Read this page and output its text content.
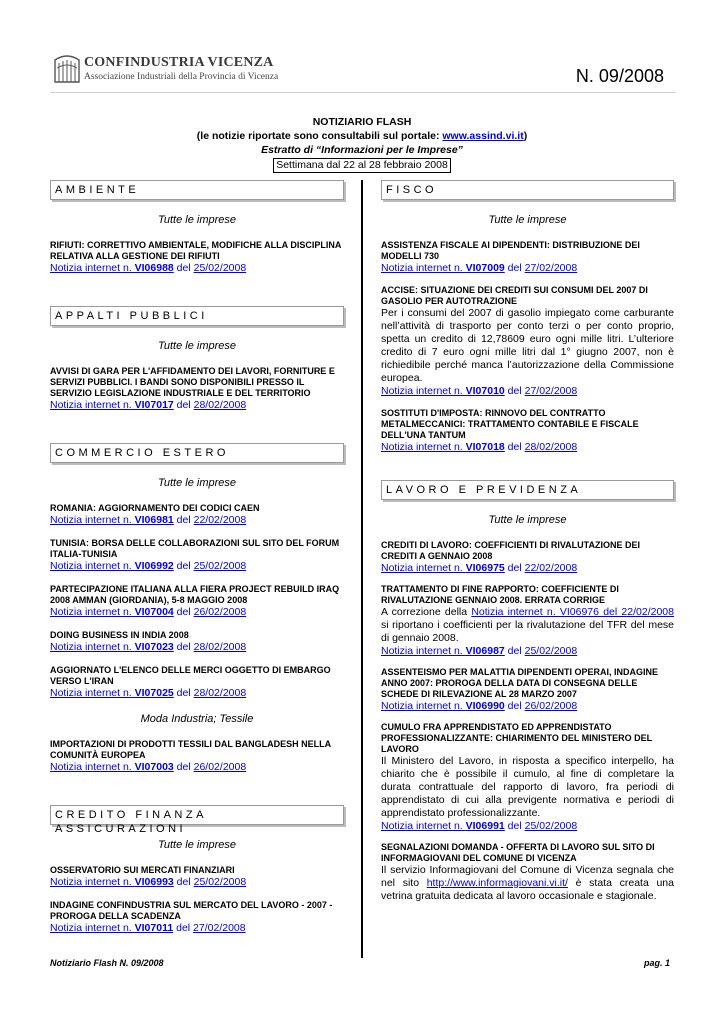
CONFINDUSTRIA VICENZA
Associazione Industriali della Provincia di Vicenza	N. 09/2008
NOTIZIARIO FLASH
(le notizie riportate sono consultabili sul portale: www.assind.vi.it)
Estratto di “Informazioni per le Imprese”
Settimana dal 22 al 28 febbraio 2008
AMBIENTE
Tutte le imprese
RIFIUTI: CORRETTIVO AMBIENTALE, MODIFICHE ALLA DISCIPLINA RELATIVA ALLA GESTIONE DEI RIFIUTI
Notizia internet n. VI06988 del 25/02/2008
APPALTI PUBBLICI
Tutte le imprese
AVVISI DI GARA PER L'AFFIDAMENTO DEI LAVORI, FORNITURE E SERVIZI PUBBLICI. I BANDI SONO DISPONIBILI PRESSO IL SERVIZIO LEGISLAZIONE INDUSTRIALE E DEL TERRITORIO
Notizia internet n. VI07017 del 28/02/2008
COMMERCIO ESTERO
Tutte le imprese
ROMANIA: AGGIORNAMENTO DEI CODICI CAEN
Notizia internet n. VI06981 del 22/02/2008
TUNISIA: BORSA DELLE COLLABORAZIONI SUL SITO DEL FORUM ITALIA-TUNISIA
Notizia internet n. VI06992 del 25/02/2008
PARTECIPAZIONE ITALIANA ALLA FIERA PROJECT REBUILD IRAQ 2008 AMMAN (GIORDANIA), 5-8 MAGGIO 2008
Notizia internet n. VI07004 del 26/02/2008
DOING BUSINESS IN INDIA 2008
Notizia internet n. VI07023 del 28/02/2008
AGGIORNATO L'ELENCO DELLE MERCI OGGETTO DI EMBARGO VERSO L'IRAN
Notizia internet n. VI07025 del 28/02/2008
Moda Industria; Tessile
IMPORTAZIONI DI PRODOTTI TESSILI DAL BANGLADESH NELLA COMUNITÀ EUROPEA
Notizia internet n. VI07003 del 26/02/2008
CREDITO FINANZA ASSICURAZIONI
Tutte le imprese
OSSERVATORIO SUI MERCATI FINANZIARI
Notizia internet n. VI06993 del 25/02/2008
INDAGINE CONFINDUSTRIA SUL MERCATO DEL LAVORO - 2007 - PROROGA DELLA SCADENZA
Notizia internet n. VI07011 del 27/02/2008
FISCO
Tutte le imprese
ASSISTENZA FISCALE AI DIPENDENTI: DISTRIBUZIONE DEI MODELLI 730
Notizia internet n. VI07009 del 27/02/2008
ACCISE: SITUAZIONE DEI CREDITI SUI CONSUMI DEL 2007 DI GASOLIO PER AUTOTRAZIONE
Per i consumi del 2007 di gasolio impiegato come carburante nell’attività di trasporto per conto terzi o per conto proprio, spetta un credito di 12,78609 euro ogni mille litri. L’ulteriore credito di 7 euro ogni mille litri dal 1° giugno 2007, non è richiedibile perché manca l’autorizzazione della Commissione europea.
Notizia internet n. VI07010 del 27/02/2008
SOSTITUTI D'IMPOSTA: RINNOVO DEL CONTRATTO METALMECCANICI: TRATTAMENTO CONTABILE E FISCALE DELL'UNA TANTUM
Notizia internet n. VI07018 del 28/02/2008
LAVORO E PREVIDENZA
Tutte le imprese
CREDITI DI LAVORO: COEFFICIENTI DI RIVALUTAZIONE DEI CREDITI A GENNAIO 2008
Notizia internet n. VI06975 del 22/02/2008
TRATTAMENTO DI FINE RAPPORTO: COEFFICIENTE DI RIVALUTAZIONE GENNAIO 2008. ERRATA CORRIGE
A correzione della Notizia internet n. VI06976 del 22/02/2008 si riportano i coefficienti per la rivalutazione del TFR del mese di gennaio 2008.
Notizia internet n. VI06987 del 25/02/2008
ASSENTEISMO PER MALATTIA DIPENDENTI OPERAI, INDAGINE ANNO 2007: PROROGA DELLA DATA DI CONSEGNA DELLE SCHEDE DI RILEVAZIONE AL 28 MARZO 2007
Notizia internet n. VI06990 del 26/02/2008
CUMULO FRA APPRENDISTATO ED APPRENDISTATO PROFESSIONALIZZANTE: CHIARIMENTO DEL MINISTERO DEL LAVORO
Il Ministero del Lavoro, in risposta a specifico interpello, ha chiarito che è possibile il cumulo, al fine di completare la durata contrattuale del rapporto di lavoro, fra periodi di apprendistato di cui alla previgente normativa e periodi di apprendistato professionalizzante.
Notizia internet n. VI06991 del 25/02/2008
SEGNALAZIONI DOMANDA - OFFERTA DI LAVORO SUL SITO DI INFORMAGIOVANI DEL COMUNE DI VICENZA
Il servizio Informagiovani del Comune di Vicenza segnala che nel sito http://www.informagiovani.vi.it/ è stata creata una vetrina gratuita dedicata al lavoro occasionale e stagionale.
Notiziario Flash N. 09/2008	pag. 1
